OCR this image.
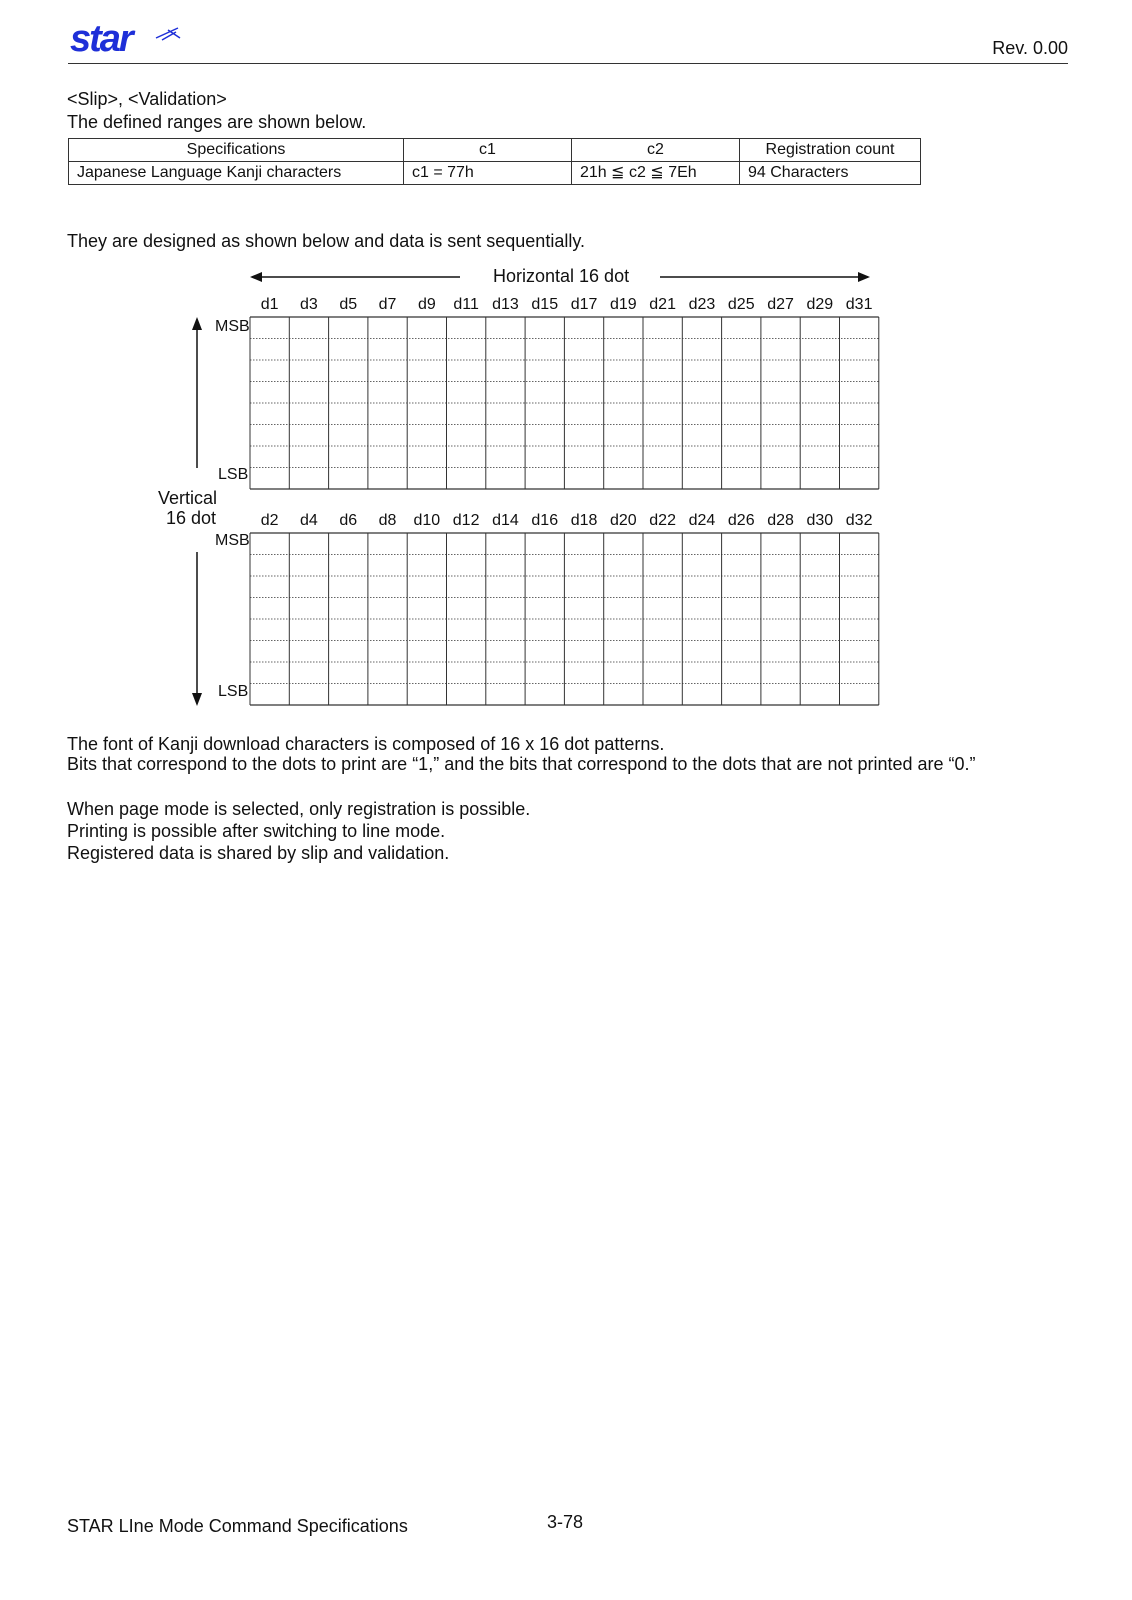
star	Rev. 0.00
<Slip>, <Validation>
The defined ranges are shown below.
Specifications	c1	c2	Registration count
Japanese Language Kanji characters	c1 = 77h	21h ≦ c2 ≦ 7Eh	94 Characters
They are designed as shown below and data is sent sequentially.
Horizontal 16 dot
MSB
LSB
Vertical
16 dot
MSB
LSB
d1	d3	d5	d7	d9	d11 d13 d15 d17 d19 d21 d23 d25 d27 d29 d31
d2	d4	d6	d8	d10 d12 d14 d16 d18 d20 d22 d24 d26 d28 d30 d32
The font of Kanji download characters is composed of 16 x 16 dot patterns.
Bits that correspond to the dots to print are “1,” and the bits that correspond to the dots that are not printed are “0.”
When page mode is selected, only registration is possible.
Printing is possible after switching to line mode.
Registered data is shared by slip and validation.
STAR LIne Mode Command Specifications	3-78
